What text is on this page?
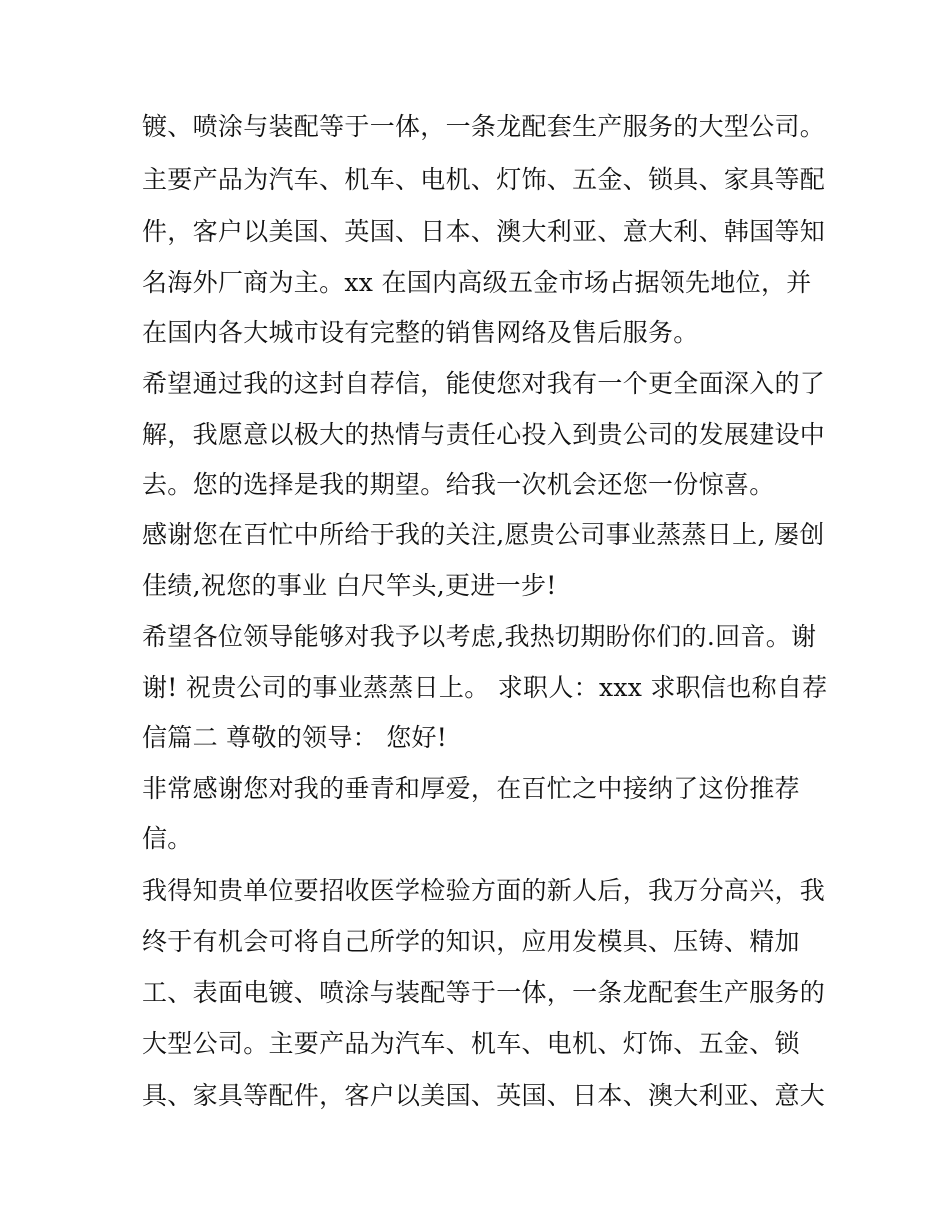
镀、喷涂与装配等于一体，一条龙配套生产服务的大型公司。
主要产品为汽车、机车、电机、灯饰、五金、锁具、家具等配
件，客户以美国、英国、日本、澳大利亚、意大利、韩国等知
名海外厂商为主。xx 在国内高级五金市场占据领先地位，并
在国内各大城市设有完整的销售网络及售后服务。
希望通过我的这封自荐信，能使您对我有一个更全面深入的了
解，我愿意以极大的热情与责任心投入到贵公司的发展建设中
去。您的选择是我的期望。给我一次机会还您一份惊喜。
感谢您在百忙中所给于我的关注,愿贵公司事业蒸蒸日上, 屡创
佳绩,祝您的事业 白尺竿头,更进一步!
希望各位领导能够对我予以考虑,我热切期盼你们的.回音。谢
谢! 祝贵公司的事业蒸蒸日上。 求职人：xxx 求职信也称自荐
信篇二 尊敬的领导： 您好!
非常感谢您对我的垂青和厚爱，在百忙之中接纳了这份推荐
信。
我得知贵单位要招收医学检验方面的新人后，我万分高兴，我
终于有机会可将自己所学的知识，应用发模具、压铸、精加
工、表面电镀、喷涂与装配等于一体，一条龙配套生产服务的
大型公司。主要产品为汽车、机车、电机、灯饰、五金、锁
具、家具等配件，客户以美国、英国、日本、澳大利亚、意大
